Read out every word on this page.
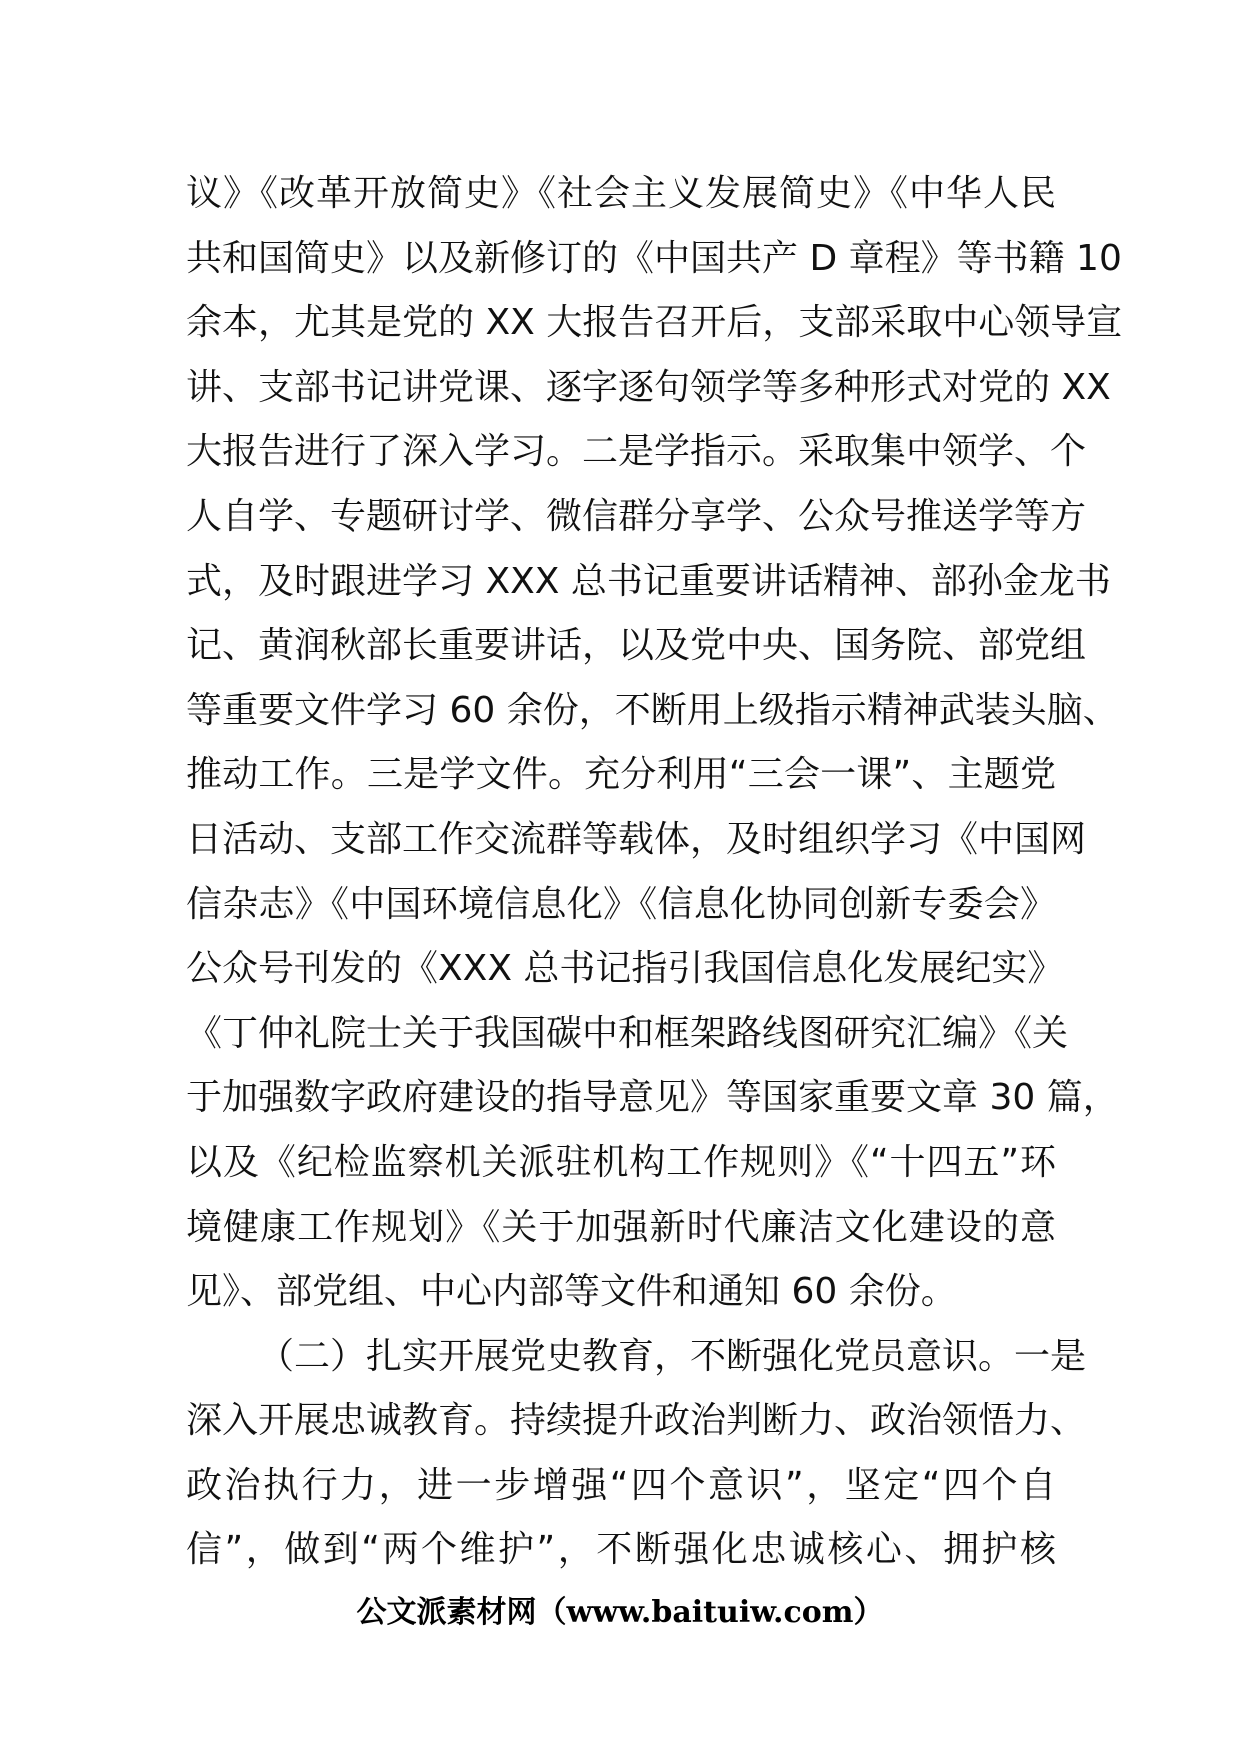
议》《改革开放简史》《社会主义发展简史》《中华人民
共和国简史》以及新修订的《中国共产 D 章程》等书籍 10
余本，尤其是党的 XX 大报告召开后，支部采取中心领导宣
讲、支部书记讲党课、逐字逐句领学等多种形式对党的 XX
大报告进行了深入学习。二是学指示。采取集中领学、个
人自学、专题研讨学、微信群分享学、公众号推送学等方
式，及时跟进学习 XXX 总书记重要讲话精神、部孙金龙书
记、黄润秋部长重要讲话，以及党中央、国务院、部党组
等重要文件学习 60 余份，不断用上级指示精神武装头脑、
推动工作。三是学文件。充分利用“三会一课”、主题党
日活动、支部工作交流群等载体，及时组织学习《中国网
信杂志》《中国环境信息化》《信息化协同创新专委会》
公众号刊发的《XXX 总书记指引我国信息化发展纪实》
《丁仲礼院士关于我国碳中和框架路线图研究汇编》《关
于加强数字政府建设的指导意见》等国家重要文章 30 篇，
以及《纪检监察机关派驻机构工作规则》《“十四五”环
境健康工作规划》《关于加强新时代廉洁文化建设的意
见》、部党组、中心内部等文件和通知 60 余份。
（二）扎实开展党史教育，不断强化党员意识。一是
深入开展忠诚教育。持续提升政治判断力、政治领悟力、
政治执行力，进一步增强“四个意识”，坚定“四个自
信”，做到“两个维护”，不断强化忠诚核心、拥护核
公文派素材网（www.baituiw.com）
